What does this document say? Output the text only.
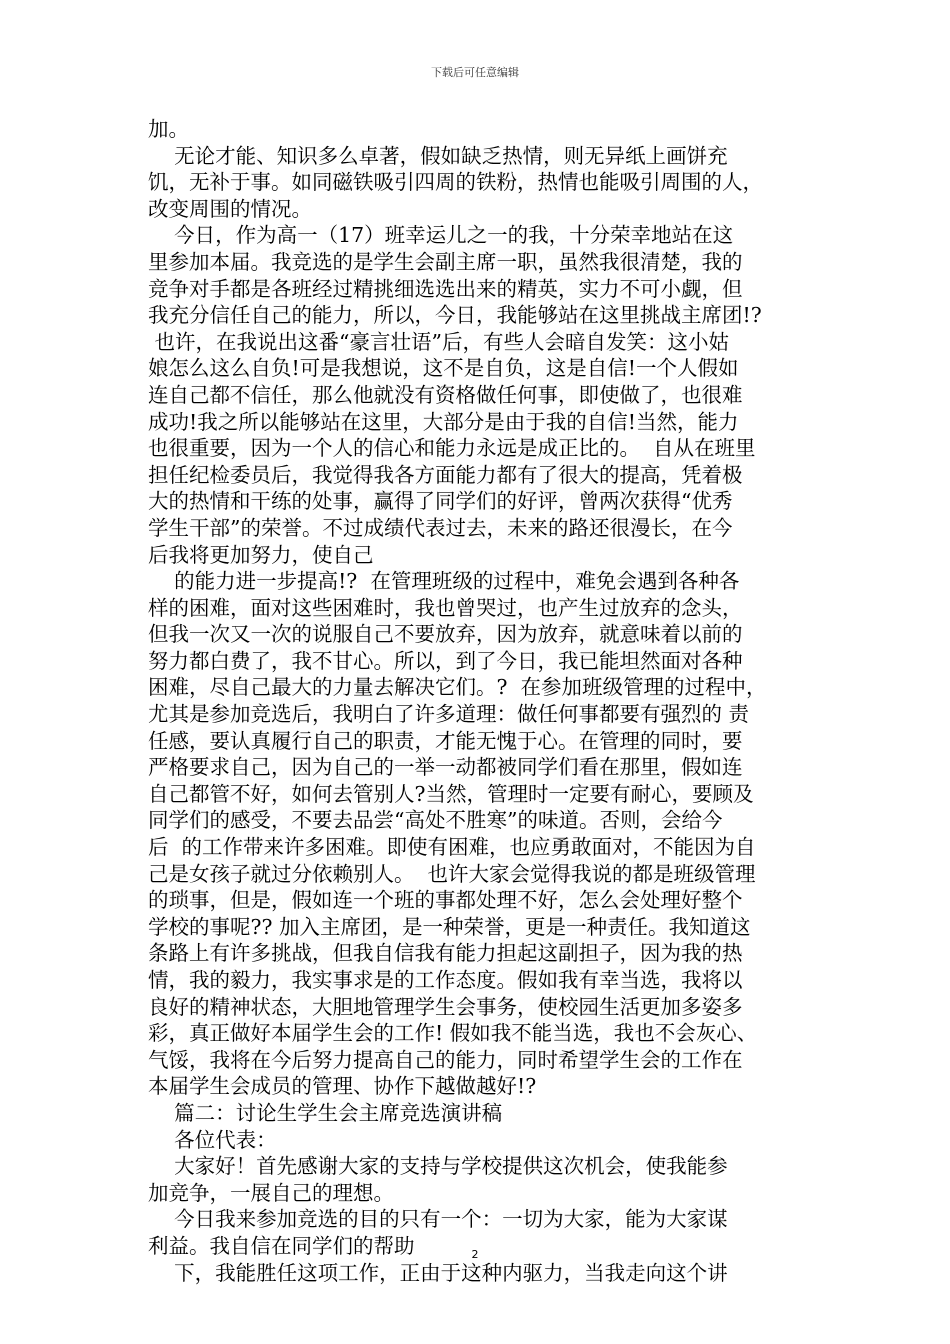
下载后可任意编辑
加。
无论才能、知识多么卓著，假如缺乏热情，则无异纸上画饼充
饥，无补于事。如同磁铁吸引四周的铁粉，热情也能吸引周围的人，
改变周围的情况。
今日，作为高一（17）班幸运儿之一的我，十分荣幸地站在这
里参加本届。我竞选的是学生会副主席一职，虽然我很清楚，我的
竞争对手都是各班经过精挑细选选出来的精英，实力不可小觑，但
我充分信任自己的能力，所以，今日，我能够站在这里挑战主席团!?
也许，在我说出这番“豪言壮语”后，有些人会暗自发笑：这小姑
娘怎么这么自负!可是我想说，这不是自负，这是自信!一个人假如
连自己都不信任，那么他就没有资格做任何事，即使做了，也很难
成功!我之所以能够站在这里，大部分是由于我的自信!当然，能力
也很重要，因为一个人的信心和能力永远是成正比的。  自从在班里
担任纪检委员后，我觉得我各方面能力都有了很大的提高，凭着极
大的热情和干练的处事，赢得了同学们的好评，曾两次获得“优秀
学生干部”的荣誉。不过成绩代表过去，未来的路还很漫长，在今
后我将更加努力，使自己
的能力进一步提高!?  在管理班级的过程中，难免会遇到各种各
样的困难，面对这些困难时，我也曾哭过，也产生过放弃的念头，
但我一次又一次的说服自己不要放弃，因为放弃，就意味着以前的
努力都白费了，我不甘心。所以，到了今日，我已能坦然面对各种
困难，尽自己最大的力量去解决它们。?  在参加班级管理的过程中，
尤其是参加竞选后，我明白了许多道理：做任何事都要有强烈的 责
任感，要认真履行自己的职责，才能无愧于心。在管理的同时，要
严格要求自己，因为自己的一举一动都被同学们看在那里，假如连
自己都管不好，如何去管别人?当然，管理时一定要有耐心，要顾及
同学们的感受，不要去品尝“高处不胜寒”的味道。否则，会给今
后  的工作带来许多困难。即使有困难，也应勇敢面对，不能因为自
己是女孩子就过分依赖别人。  也许大家会觉得我说的都是班级管理
的琐事，但是，假如连一个班的事都处理不好，怎么会处理好整个
学校的事呢?? 加入主席团，是一种荣誉，更是一种责任。我知道这
条路上有许多挑战，但我自信我有能力担起这副担子，因为我的热
情，我的毅力，我实事求是的工作态度。假如我有幸当选，我将以
良好的精神状态，大胆地管理学生会事务，使校园生活更加多姿多
彩，真正做好本届学生会的工作! 假如我不能当选，我也不会灰心、
气馁，我将在今后努力提高自己的能力，同时希望学生会的工作在
本届学生会成员的管理、协作下越做越好!?
篇二：讨论生学生会主席竞选演讲稿
各位代表：
大家好！首先感谢大家的支持与学校提供这次机会，使我能参
加竞争，一展自己的理想。
今日我来参加竞选的目的只有一个：一切为大家，能为大家谋
利益。我自信在同学们的帮助
下，我能胜任这项工作，正由于这种内驱力，当我走向这个讲
2
